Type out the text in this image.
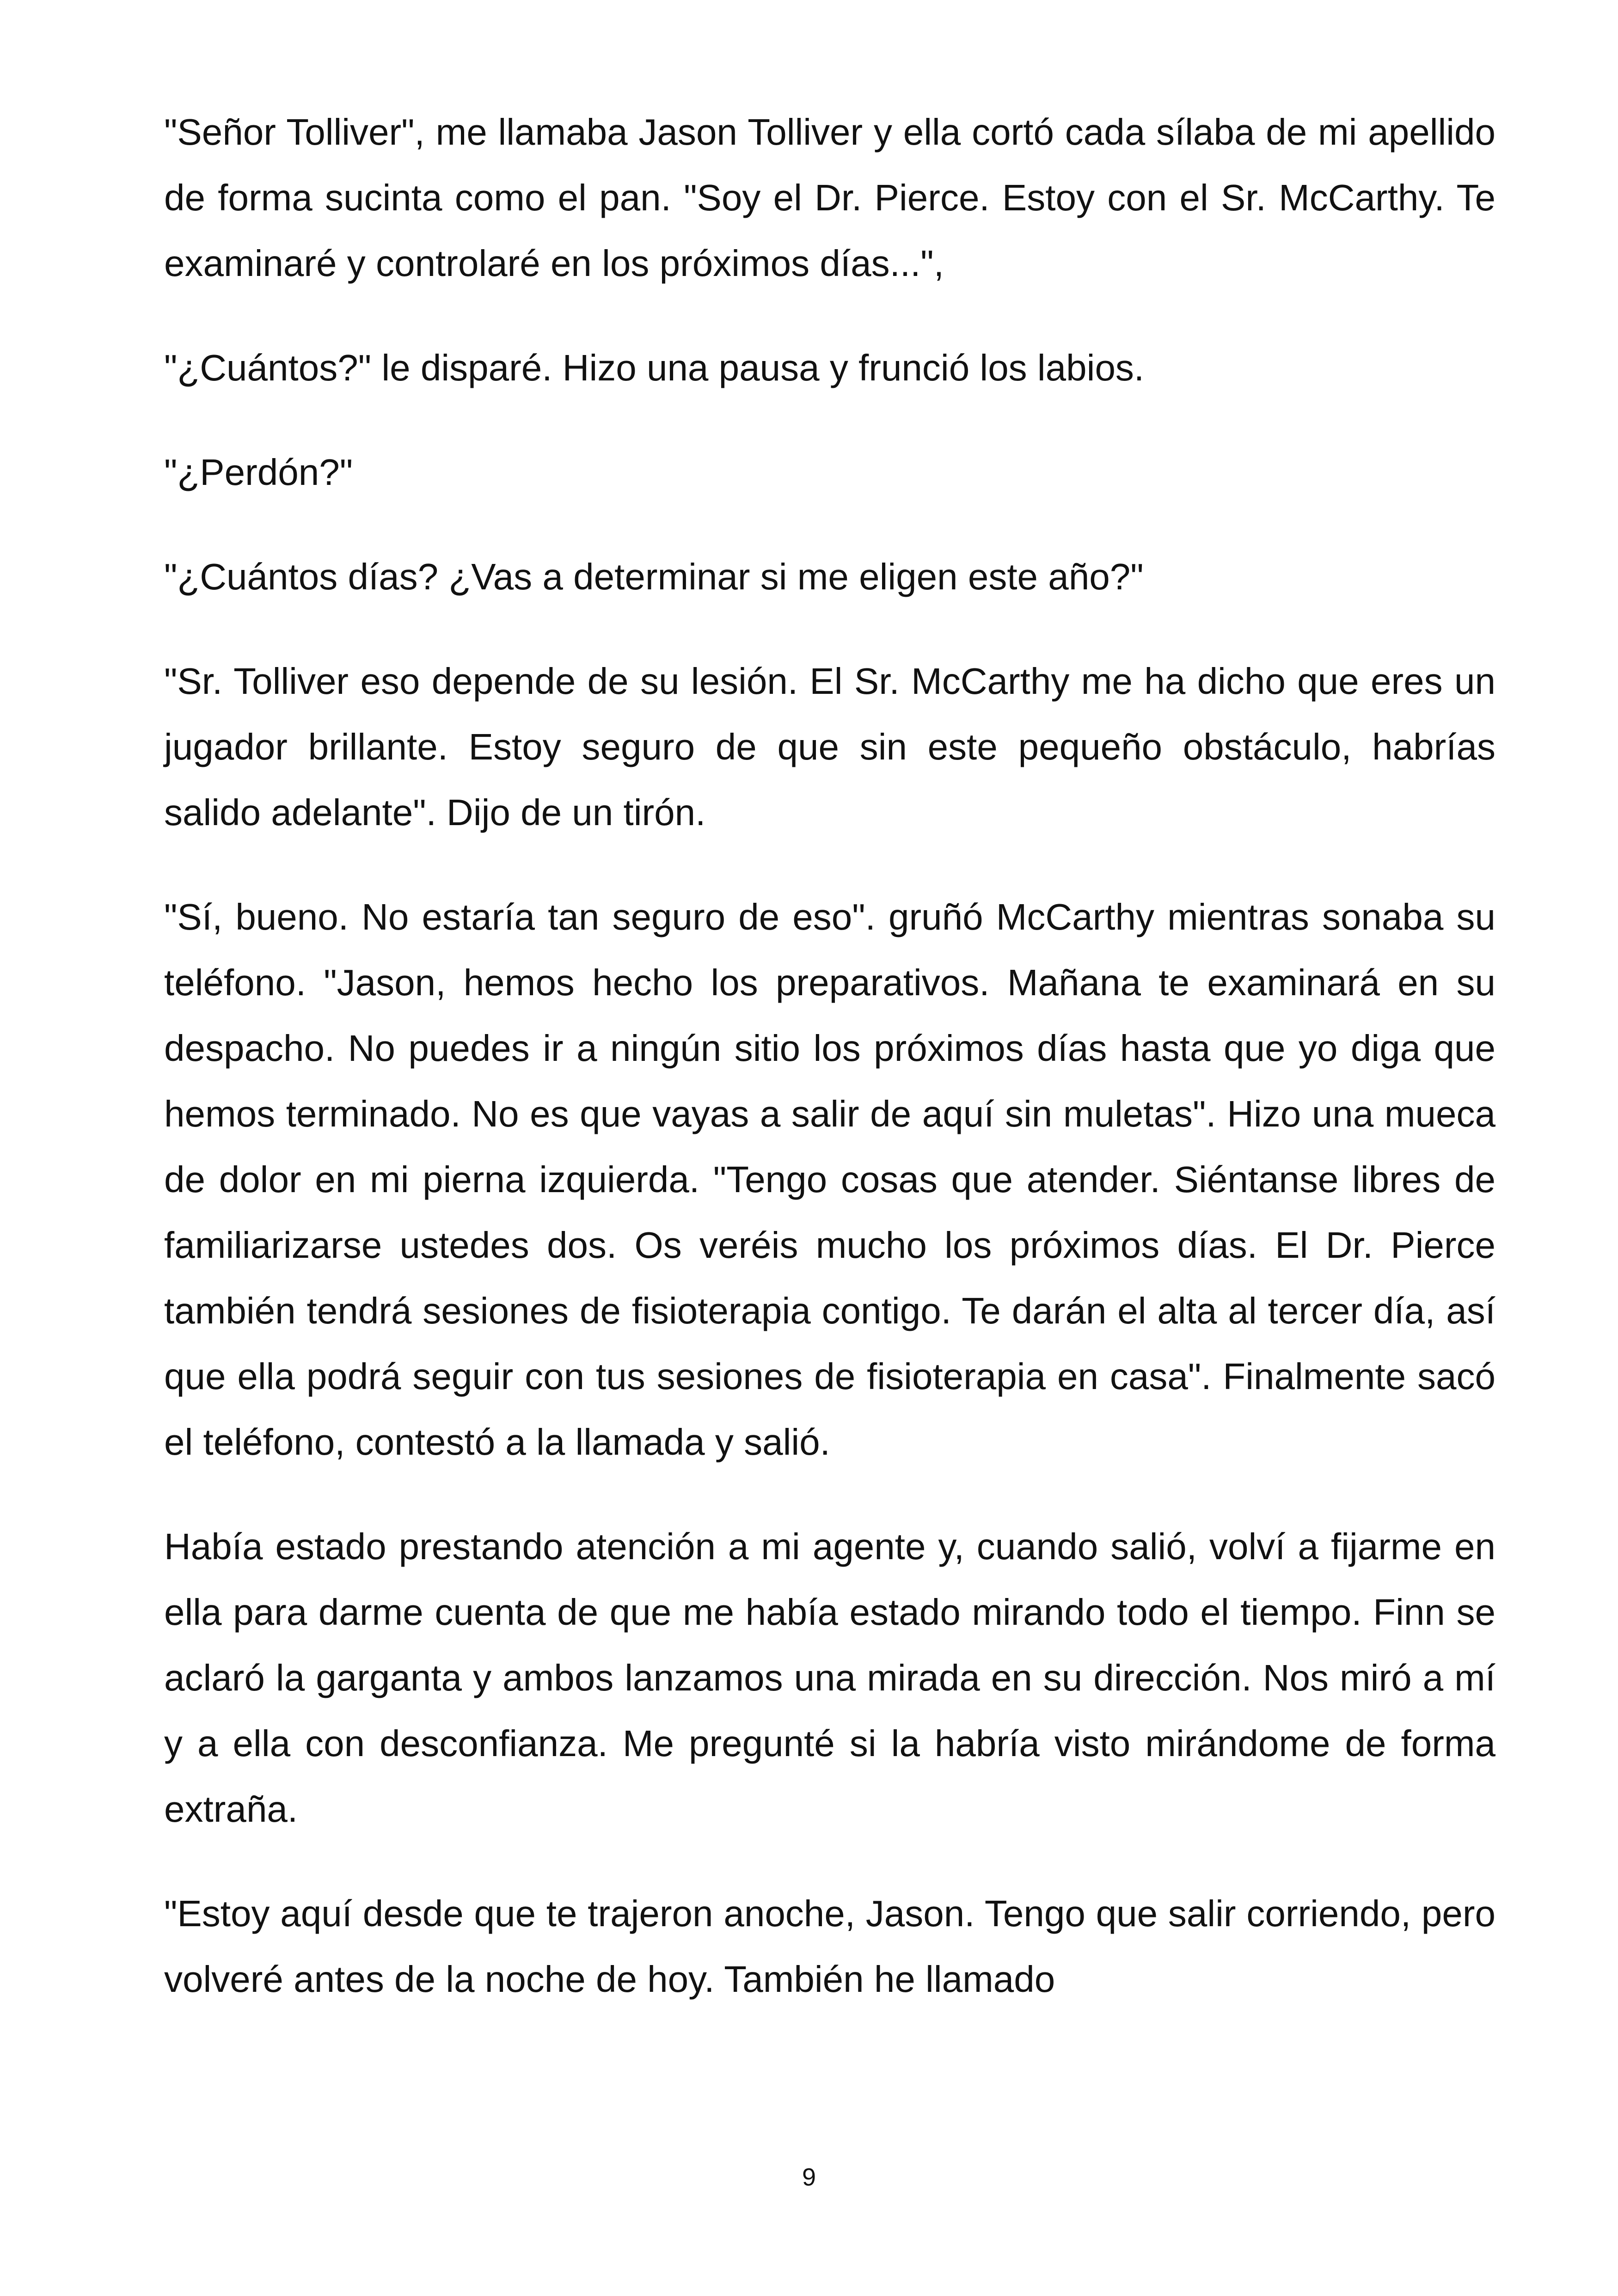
"Señor Tolliver", me llamaba Jason Tolliver y ella cortó cada sílaba de mi apellido de forma sucinta como el pan. "Soy el Dr. Pierce. Estoy con el Sr. McCarthy. Te examinaré y controlaré en los próximos días...",

"¿Cuántos?" le disparé. Hizo una pausa y frunció los labios.

"¿Perdón?"

"¿Cuántos días? ¿Vas a determinar si me eligen este año?"

"Sr. Tolliver eso depende de su lesión. El Sr. McCarthy me ha dicho que eres un jugador brillante. Estoy seguro de que sin este pequeño obstáculo, habrías salido adelante". Dijo de un tirón.

"Sí, bueno. No estaría tan seguro de eso". gruñó McCarthy mientras sonaba su teléfono. "Jason, hemos hecho los preparativos. Mañana te examinará en su despacho. No puedes ir a ningún sitio los próximos días hasta que yo diga que hemos terminado. No es que vayas a salir de aquí sin muletas". Hizo una mueca de dolor en mi pierna izquierda. "Tengo cosas que atender. Siéntanse libres de familiarizarse ustedes dos. Os veréis mucho los próximos días. El Dr. Pierce también tendrá sesiones de fisioterapia contigo. Te darán el alta al tercer día, así que ella podrá seguir con tus sesiones de fisioterapia en casa". Finalmente sacó el teléfono, contestó a la llamada y salió.

Había estado prestando atención a mi agente y, cuando salió, volví a fijarme en ella para darme cuenta de que me había estado mirando todo el tiempo. Finn se aclaró la garganta y ambos lanzamos una mirada en su dirección. Nos miró a mí y a ella con desconfianza. Me pregunté si la habría visto mirándome de forma extraña.

"Estoy aquí desde que te trajeron anoche, Jason. Tengo que salir corriendo, pero volveré antes de la noche de hoy. También he llamado

9
